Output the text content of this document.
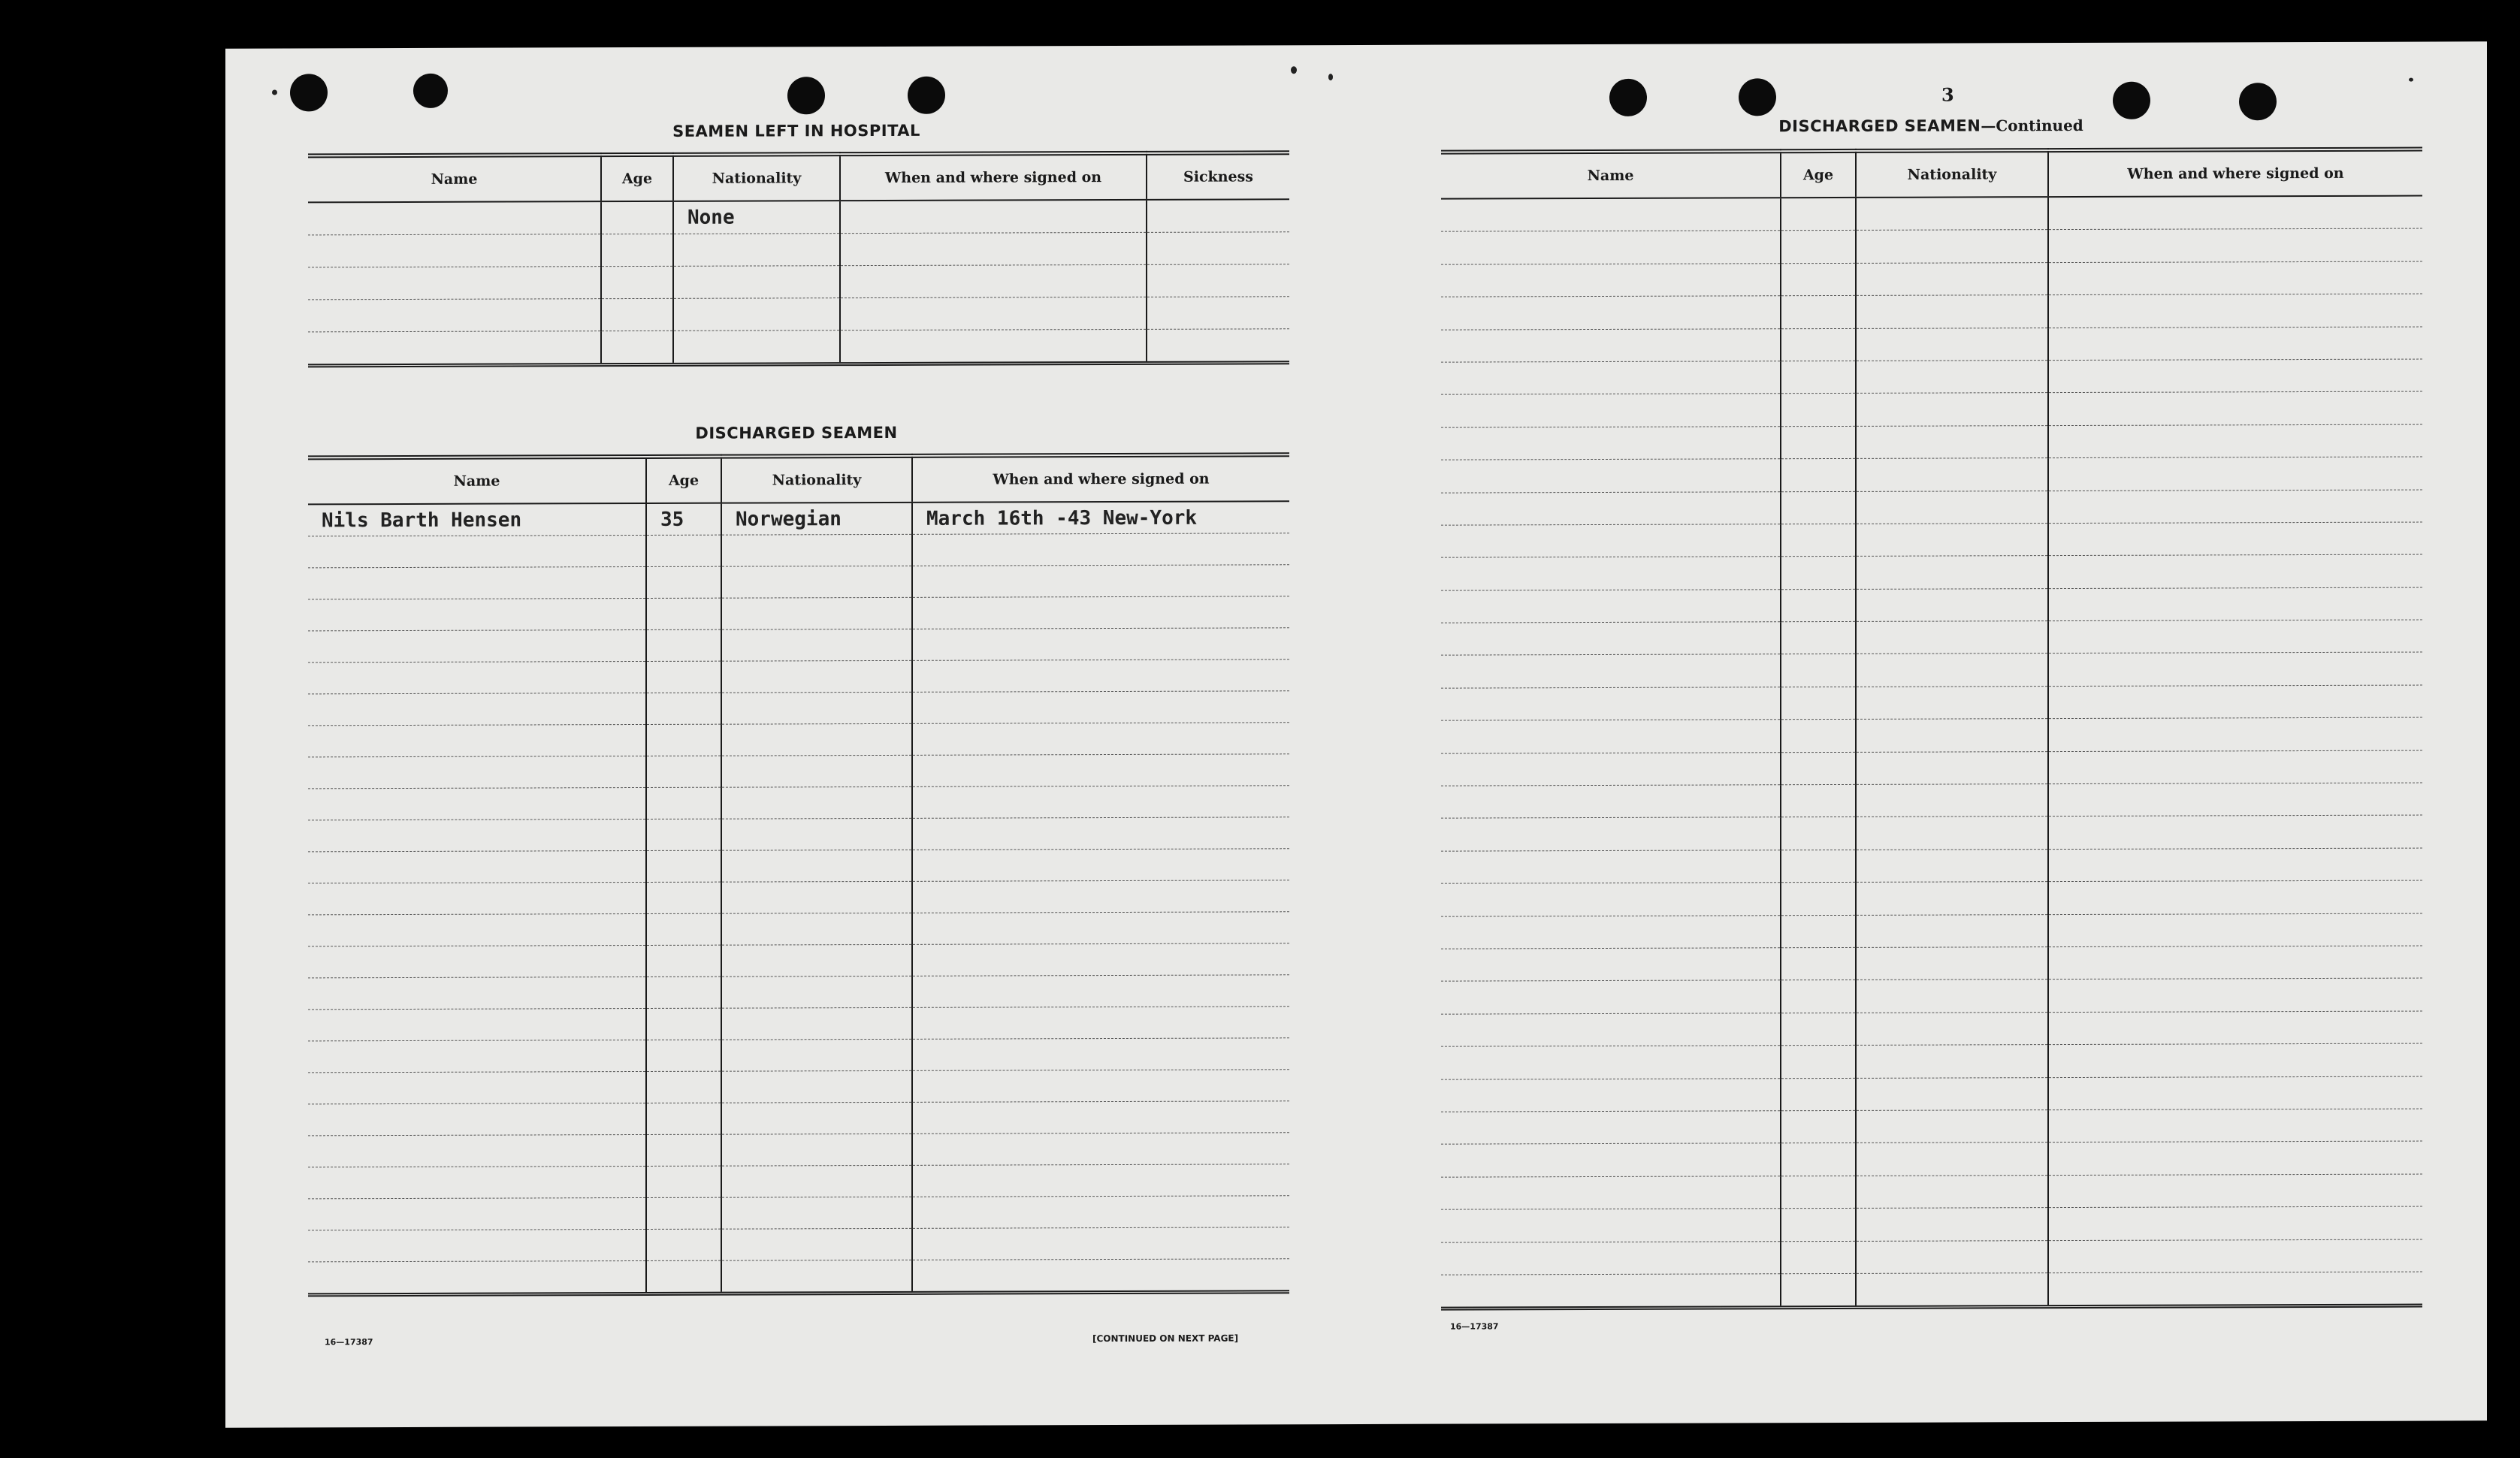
SEAMEN LEFT IN HOSPITAL
Name	Age	Nationality	When and where signed on	Sickness
		None		

DISCHARGED SEAMEN
Name	Age	Nationality	When and where signed on
Nils Barth Hensen	35	Norwegian	March 16th -43 New-York

16—17387	[CONTINUED ON NEXT PAGE]
3
DISCHARGED SEAMEN—Continued
Name	Age	Nationality	When and where signed on

16—17387
